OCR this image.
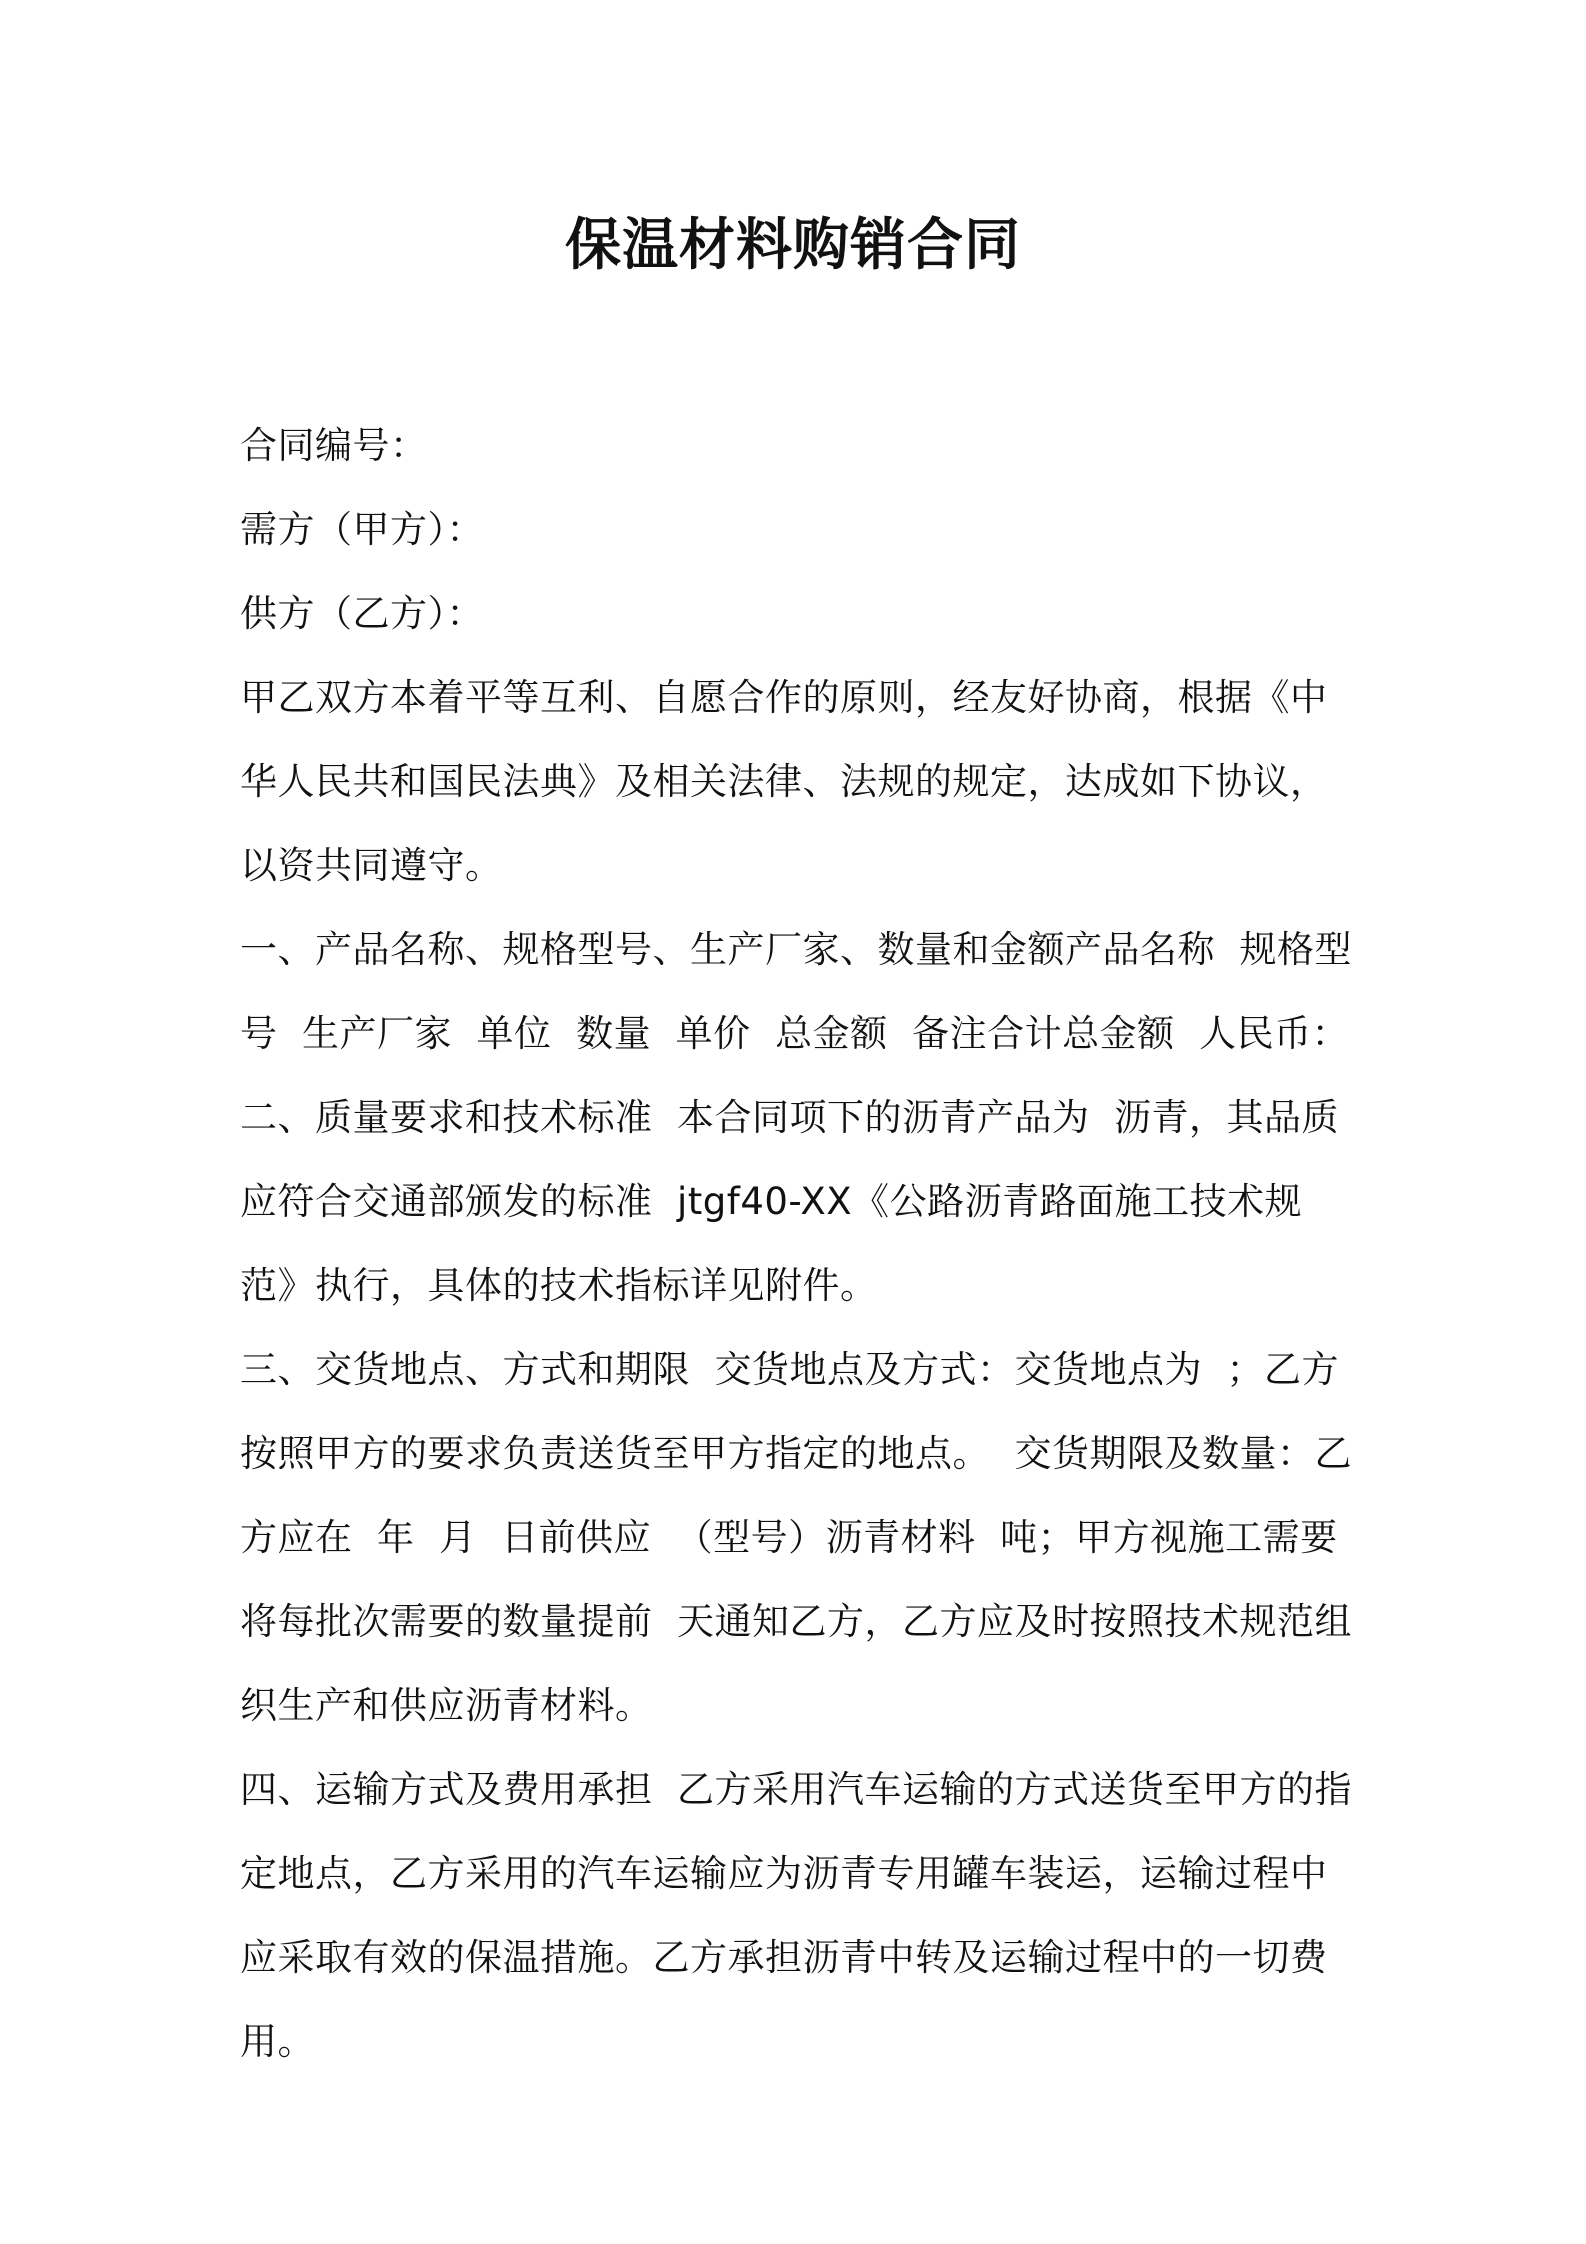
保温材料购销合同

合同编号：

需方（甲方）：

供方（乙方）：

甲乙双方本着平等互利、自愿合作的原则，经友好协商，根据《中华人民共和国民法典》及相关法律、法规的规定，达成如下协议，以资共同遵守。

一、产品名称、规格型号、生产厂家、数量和金额产品名称  规格型号  生产厂家  单位  数量  单价  总金额  备注合计总金额  人民币：

二、质量要求和技术标准  本合同项下的沥青产品为  沥青，其品质应符合交通部颁发的标准  jtgf40-XX《公路沥青路面施工技术规范》执行，具体的技术指标详见附件。

三、交货地点、方式和期限  交货地点及方式：交货地点为  ；乙方按照甲方的要求负责送货至甲方指定的地点。  交货期限及数量：乙方应在  年  月  日前供应  （型号）沥青材料  吨；甲方视施工需要将每批次需要的数量提前  天通知乙方，乙方应及时按照技术规范组织生产和供应沥青材料。

四、运输方式及费用承担  乙方采用汽车运输的方式送货至甲方的指定地点，乙方采用的汽车运输应为沥青专用罐车装运，运输过程中应采取有效的保温措施。乙方承担沥青中转及运输过程中的一切费用。
